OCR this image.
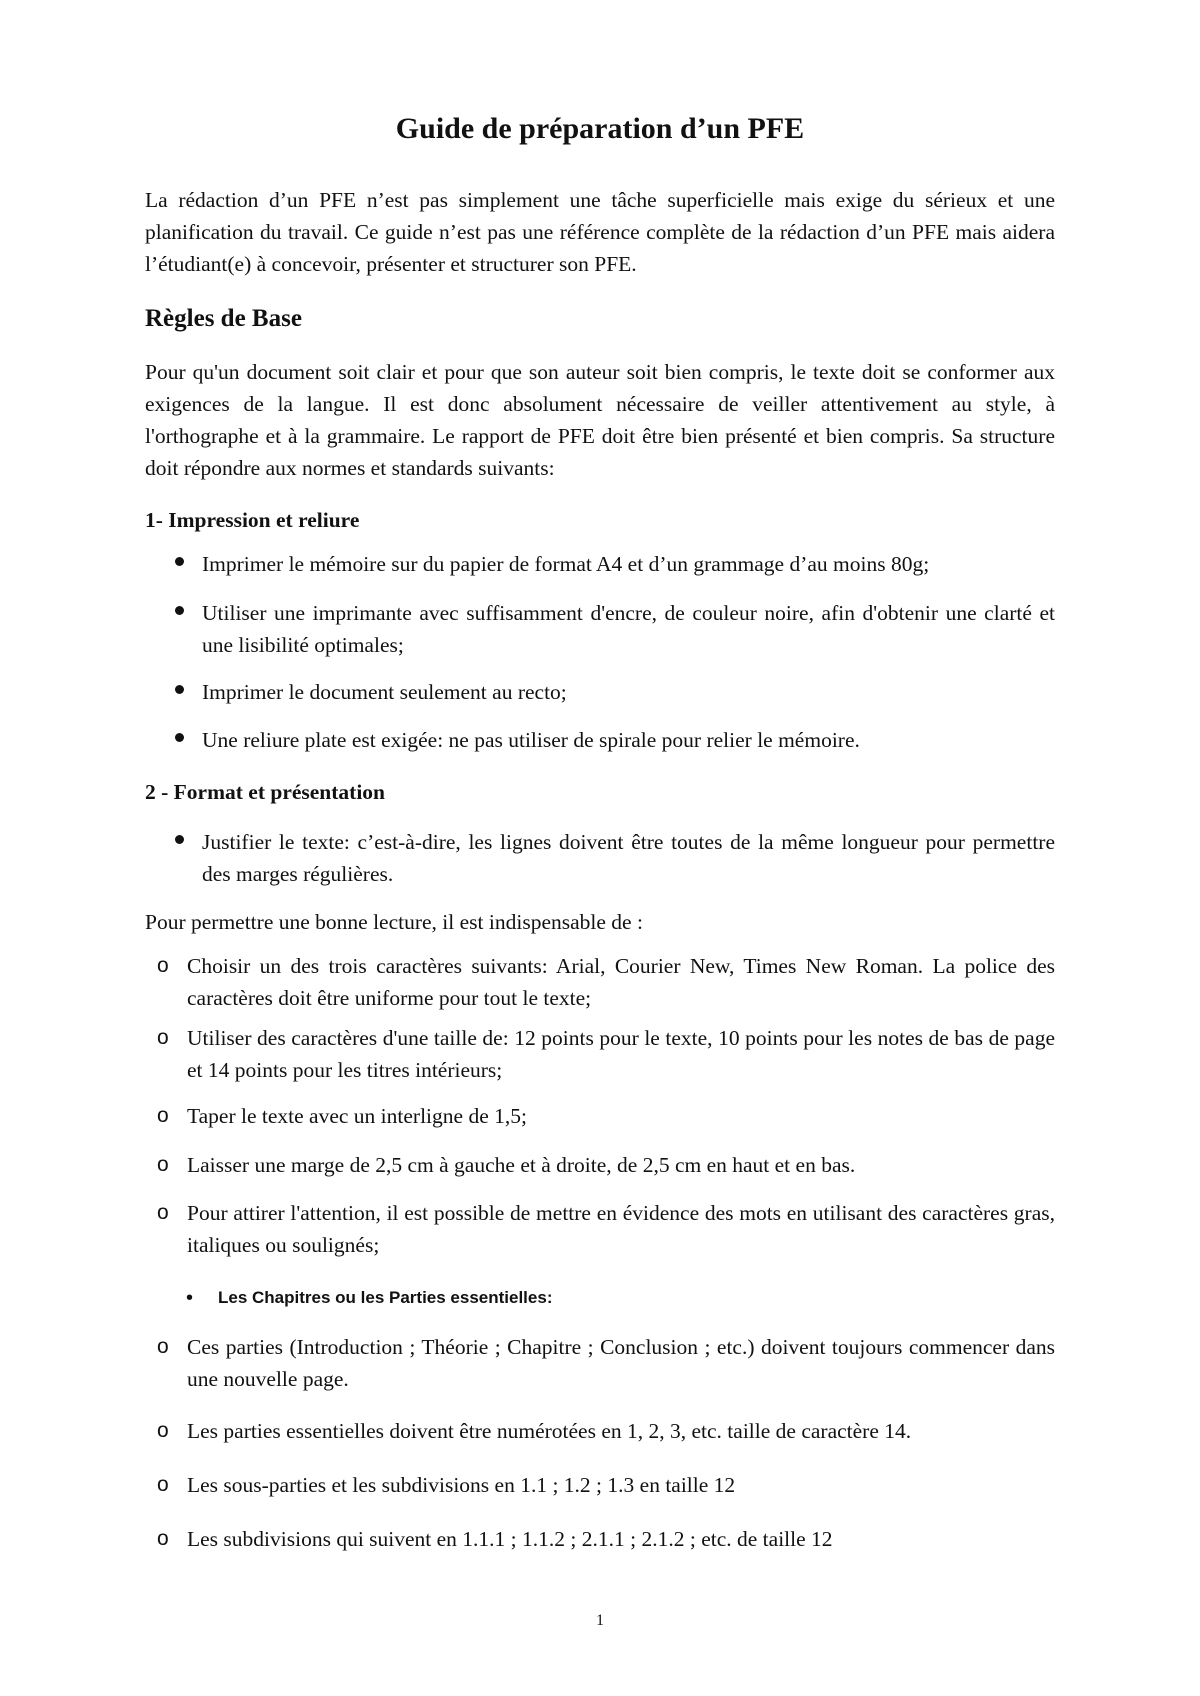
Guide de préparation d’un PFE

La rédaction d’un PFE n’est pas simplement une tâche superficielle mais exige du sérieux et une planification du travail. Ce guide n’est pas une référence complète de la rédaction d’un PFE mais aidera l’étudiant(e) à concevoir, présenter et structurer son PFE.

Règles de Base

Pour qu'un document soit clair et pour que son auteur soit bien compris, le texte doit se conformer aux exigences de la langue. Il est donc absolument nécessaire de veiller attentivement au style, à l'orthographe et à la grammaire. Le rapport de PFE doit être bien présenté et bien compris. Sa structure doit répondre aux normes et standards suivants:

1- Impression et reliure
Imprimer le mémoire sur du papier de format A4 et d’un grammage d’au moins 80g;
Utiliser une imprimante avec suffisamment d'encre, de couleur noire, afin d'obtenir une clarté et une lisibilité optimales;
Imprimer le document seulement au recto;
Une reliure plate est exigée: ne pas utiliser de spirale pour relier le mémoire.
2 - Format et présentation
Justifier le texte: c’est-à-dire, les lignes doivent être toutes de la même longueur pour permettre des marges régulières.

Pour permettre une bonne lecture, il est indispensable de :

o Choisir un des trois caractères suivants: Arial, Courier New, Times New Roman. La police des caractères doit être uniforme pour tout le texte;
o Utiliser des caractères d'une taille de: 12 points pour le texte, 10 points pour les notes de bas de page et 14 points pour les titres intérieurs;
o Taper le texte avec un interligne de 1,5;
o Laisser une marge de 2,5 cm à gauche et à droite, de 2,5 cm en haut et en bas.
o Pour attirer l'attention, il est possible de mettre en évidence des mots en utilisant des caractères gras, italiques ou soulignés;
• Les Chapitres ou les Parties essentielles:
o Ces parties (Introduction ; Théorie ; Chapitre ; Conclusion ; etc.) doivent toujours commencer dans une nouvelle page.
o Les parties essentielles doivent être numérotées en 1, 2, 3, etc. taille de caractère 14.
o Les sous-parties et les subdivisions en 1.1 ; 1.2 ; 1.3 en taille 12
o Les subdivisions qui suivent en 1.1.1 ; 1.1.2 ; 2.1.1 ; 2.1.2 ; etc. de taille 12

1
